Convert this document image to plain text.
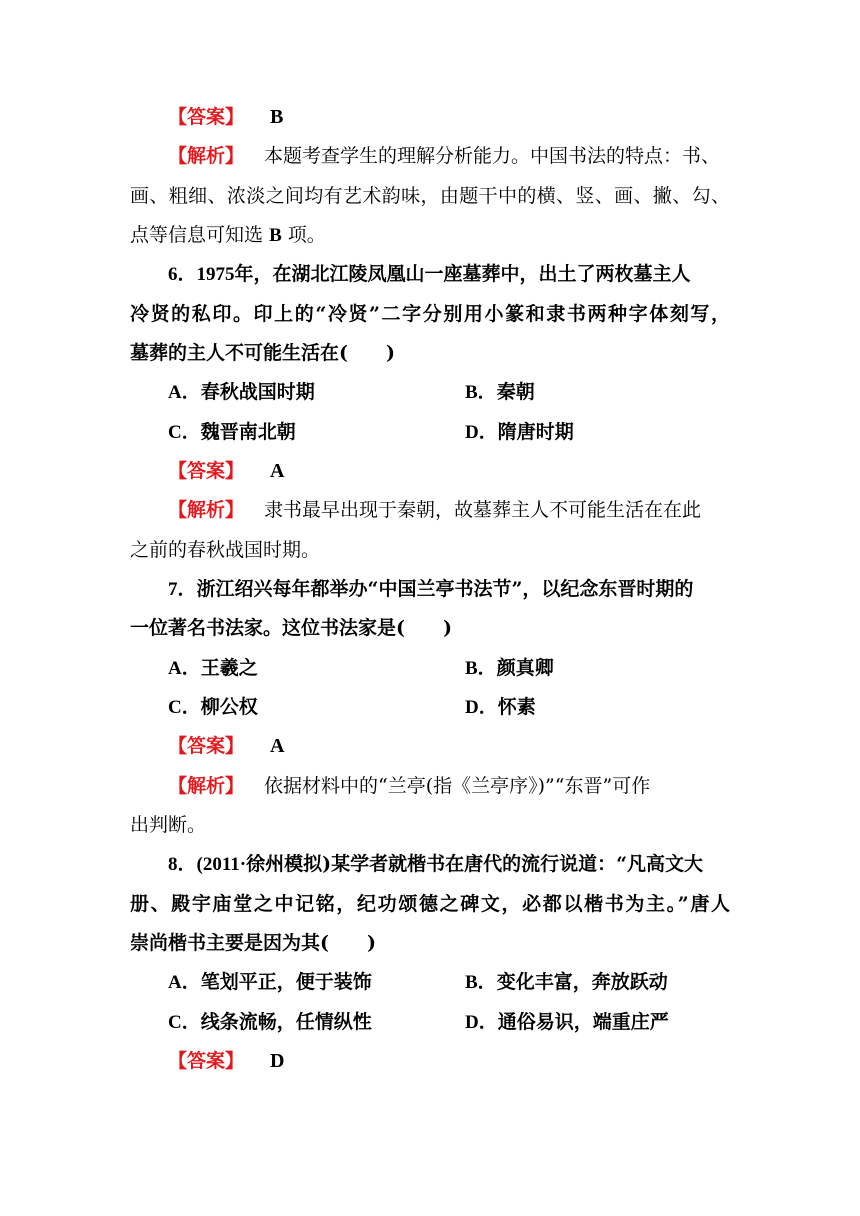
【答案】 B
【解析】 本题考查学生的理解分析能力。中国书法的特点：书、
画、粗细、浓淡之间均有艺术韵味，由题干中的横、竖、画、撇、勾、
点等信息可知选 B 项。
6．1975年，在湖北江陵凤凰山一座墓葬中，出土了两枚墓主人
冷贤的私印。印上的“冷贤”二字分别用小篆和隶书两种字体刻写，
墓葬的主人不可能生活在(　　)
A．春秋战国时期	B．秦朝
C．魏晋南北朝	D．隋唐时期
【答案】 A
【解析】 隶书最早出现于秦朝，故墓葬主人不可能生活在在此
之前的春秋战国时期。
7．浙江绍兴每年都举办“中国兰亭书法节”，以纪念东晋时期的
一位著名书法家。这位书法家是(　　)
A．王羲之	B．颜真卿
C．柳公权	D．怀素
【答案】 A
【解析】 依据材料中的“兰亭(指《兰亭序》)”“东晋”可作
出判断。
8．(2011·徐州模拟)某学者就楷书在唐代的流行说道：“凡高文大
册、殿宇庙堂之中记铭，纪功颂德之碑文，必都以楷书为主。”唐人
崇尚楷书主要是因为其(　　)
A．笔划平正，便于装饰	B．变化丰富，奔放跃动
C．线条流畅，任情纵性	D．通俗易识，端重庄严
【答案】 D
